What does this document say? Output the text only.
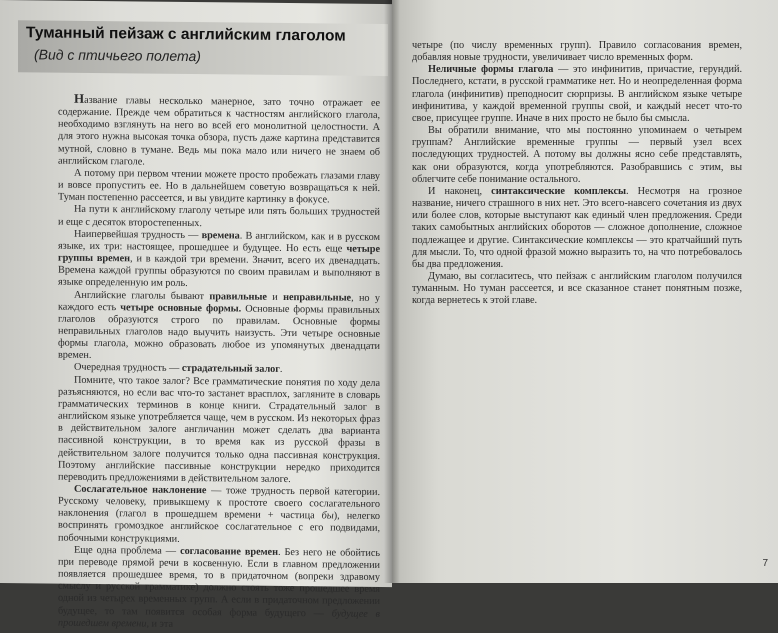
Туманный пейзаж с английским глаголом
(Вид с птичьего полета)

Название главы несколько манерное, зато точно отражает ее содержание. Прежде чем обратиться к частностям английского глагола, необходимо взглянуть на него во всей его монолитной целостности. А для этого нужна высокая точка обзора, пусть даже картина представится мутной, словно в тумане. Ведь мы пока мало или ничего не знаем об английском глаголе.

А потому при первом чтении можете просто пробежать глазами главу и вовсе пропустить ее. Но в дальнейшем советую возвращаться к ней. Туман постепенно рассеется, и вы увидите картинку в фокусе.

На пути к английскому глаголу четыре или пять больших трудностей и еще с десяток второстепенных.

Наипервейшая трудность — времена. В английском, как и в русском языке, их три: настоящее, прошедшее и будущее. Но есть еще четыре группы времен, и в каждой три времени. Значит, всего их двенадцать. Времена каждой группы образуются по своим правилам и выполняют в языке определенную им роль.

Английские глаголы бывают правильные и неправильные, но у каждого есть четыре основные формы. Основные формы правильных глаголов образуются строго по правилам. Основные формы неправильных глаголов надо выучить наизусть. Эти четыре основные формы глагола, можно образовать любое из упомянутых двенадцати времен.

Очередная трудность — страдательный залог.

Помните, что такое залог? Все грамматические понятия по ходу дела разъясняются, но если вас что-то застанет врасплох, загляните в словарь грамматических терминов в конце книги. Страдательный залог в английском языке употребляется чаще, чем в русском. Из некоторых фраз в действительном залоге англичанин может сделать два варианта пассивной конструкции, в то время как из русской фразы в действительном залоге получится только одна пассивная конструкция. Поэтому английские пассивные конструкции нередко приходится переводить предложениями в действительном залоге.

Сослагательное наклонение — тоже трудность первой категории. Русскому человеку, привыкшему к простоте своего сослагательного наклонения (глагол в прошедшем времени + частица бы), нелегко воспринять громоздкое английское сослагательное с его подвидами, побочными конструкциями.

Еще одна проблема — согласование времен. Без него не обойтись при переводе прямой речи в косвенную. Если в главном предложении появляется прошедшее время, то в придаточном (вопреки здравому смыслу и русской грамматике) должно стоять тоже прошедшее время одной из четырех временных групп. А если в придаточном предложении будущее, то там появится особая форма будущего — будущее в прошедшем времени, и эта

четыре (по числу временных групп). Правило согласования времен, добавляя новые трудности, увеличивает число временных форм.

Неличные формы глагола — это инфинитив, причастие, герундий. Последнего, кстати, в русской грамматике нет. Но и неопределенная форма глагола (инфинитив) преподносит сюрпризы. В английском языке четыре инфинитива, у каждой временной группы свой, и каждый несет что-то свое, присущее группе. Иначе в них просто не было бы смысла.

Вы обратили внимание, что мы постоянно упоминаем о четырем группам? Английские временные группы — первый узел всех последующих трудностей. А потому вы должны ясно себе представлять, как они образуются, когда употребляются. Разобравшись с этим, вы облегчите себе понимание остального.

И наконец, синтаксические комплексы. Несмотря на грозное название, ничего страшного в них нет. Это всего-навсего сочетания из двух или более слов, которые выступают как единый член предложения. Среди таких самобытных английских оборотов — сложное дополнение, сложное подлежащее и другие. Синтаксические комплексы — это кратчайший путь для мысли. То, что одной фразой можно выразить то, на что потребовалось бы два предложения.

Думаю, вы согласитесь, что пейзаж с английским глаголом получился туманным. Но туман рассеется, и все сказанное станет понятным позже, когда вернетесь к этой главе.

7
